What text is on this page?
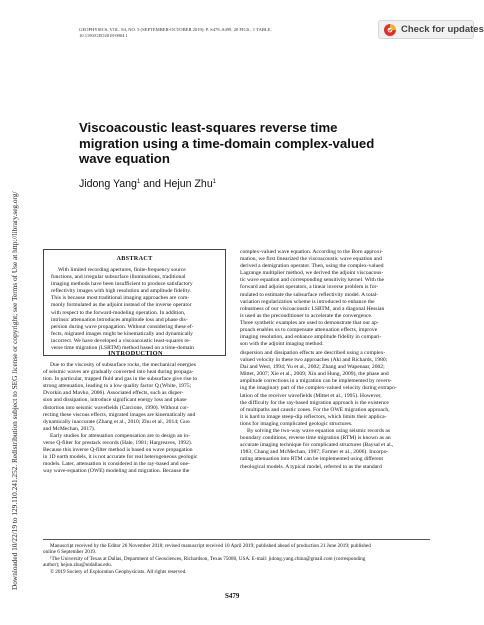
GEOPHYSICS, VOL. 84, NO. 5 (SEPTEMBER-OCTOBER 2019); P. S479–S499, 20 FIGS., 1 TABLE.
10.1190/GEO2018-0804.1
Check for updates
Downloaded 10/22/19 to 129.110.241.252. Redistribution subject to SEG license or copyright; see Terms of Use at http://library.seg.org/
Viscoacoustic least-squares reverse time migration using a time-domain complex-valued wave equation
Jidong Yang$^1$ and Hejun Zhu$^1$
ABSTRACT
With limited recording apertures, finite-frequency source
functions, and irregular subsurface illuminations, traditional
imaging methods have been insufficient to produce satisfactory
reflectivity images with high resolution and amplitude fidelity.
This is because most traditional imaging approaches are com-
monly formulated as the adjoint instead of the inverse operator
with respect to the forward-modeling operation. In addition,
intrinsic attenuation introduces amplitude loss and phase dis-
persion during wave propagation. Without considering these ef-
fects, migrated images might be kinematically and dynamically
incorrect. We have developed a viscoacoustic least-squares re-
verse time migration (LSRTM) method based on a time-domain
complex-valued wave equation. According to the Born approxi-
mation, we first linearized the viscoacoustic wave equation and
derived a demigration operator. Then, using the complex-valued
Lagrange multiplier method, we derived the adjoint viscoacous-
tic wave equation and corresponding sensitivity kernel. With the
forward and adjoint operators, a linear inverse problem is for-
mulated to estimate the subsurface reflectivity model. A total-
variation regularization scheme is introduced to enhance the
robustness of our viscoacoustic LSRTM, and a diagonal Hessian
is used as the preconditioner to accelerate the convergence.
Three synthetic examples are used to demonstrate that our ap-
proach enables us to compensate attenuation effects, improve
imaging resolution, and enhance amplitude fidelity in compari-
son with the adjoint imaging method.
INTRODUCTION
Due to the viscosity of subsurface rocks, the mechanical energies
of seismic waves are gradually converted into heat during propaga-
tion. In particular, trapped fluid and gas in the subsurface give rise to
strong attenuation, leading to a low quality factor Q (White, 1975;
Dvorkin and Mavko, 2006). Associated effects, such as disper-
sion and dissipation, introduce significant energy loss and phase
distortion into seismic wavefields (Carcione, 1990). Without cor-
recting these viscous effects, migrated images are kinematically and
dynamically inaccurate (Zhang et al., 2010; Zhu et al., 2014; Guo
and McMechan, 2017).
Early studies for attenuation compensation are to design an in-
verse Q-filter for prestack records (Hale, 1981; Hargreaves, 1992).
Because this inverse Q-filter method is based on wave propagation
in 1D earth models, it is not accurate for real heterogeneous geologic
models. Later, attenuation is considered in the ray-based and one-
way wave-equation (OWE) modeling and migration. Because the
dispersion and dissipation effects are described using a complex-
valued velocity in these two approaches (Aki and Richards, 1980;
Dai and West, 1994; Yu et al., 2002; Zhang and Wapenaar, 2002;
Mittet, 2007; Xie et al., 2009; Xin and Hung, 2009), the phase and
amplitude corrections in a migration can be implemented by revers-
ing the imaginary part of the complex-valued velocity during extrapo-
lation of the receiver wavefields (Mittet et al., 1995). However,
the difficulty for the ray-based migration approach is the existence
of multipaths and caustic zones. For the OWE migration approach,
it is hard to image steep-dip reflectors, which limits their applica-
tions for imaging complicated geologic structures.
By solving the two-way wave equation using seismic records as
boundary conditions, reverse time migration (RTM) is known as an
accurate imaging technique for complicated structures (Baysal et al.,
1983; Chang and McMechan, 1987; Farmer et al., 2006). Incorpo-
rating attenuation into RTM can be implemented using different
rheological models. A typical model, referred to as the standard
Manuscript received by the Editor 26 November 2018; revised manuscript received 10 April 2019; published ahead of production 21 June 2019; published
online 6 September 2019.
¹The University of Texas at Dallas, Department of Geosciences, Richardson, Texas 75080, USA. E-mail: jidong.yang.china@gmail.com (corresponding
author); hejun.zhu@utdallas.edu.
© 2019 Society of Exploration Geophysicists. All rights reserved.
S479
